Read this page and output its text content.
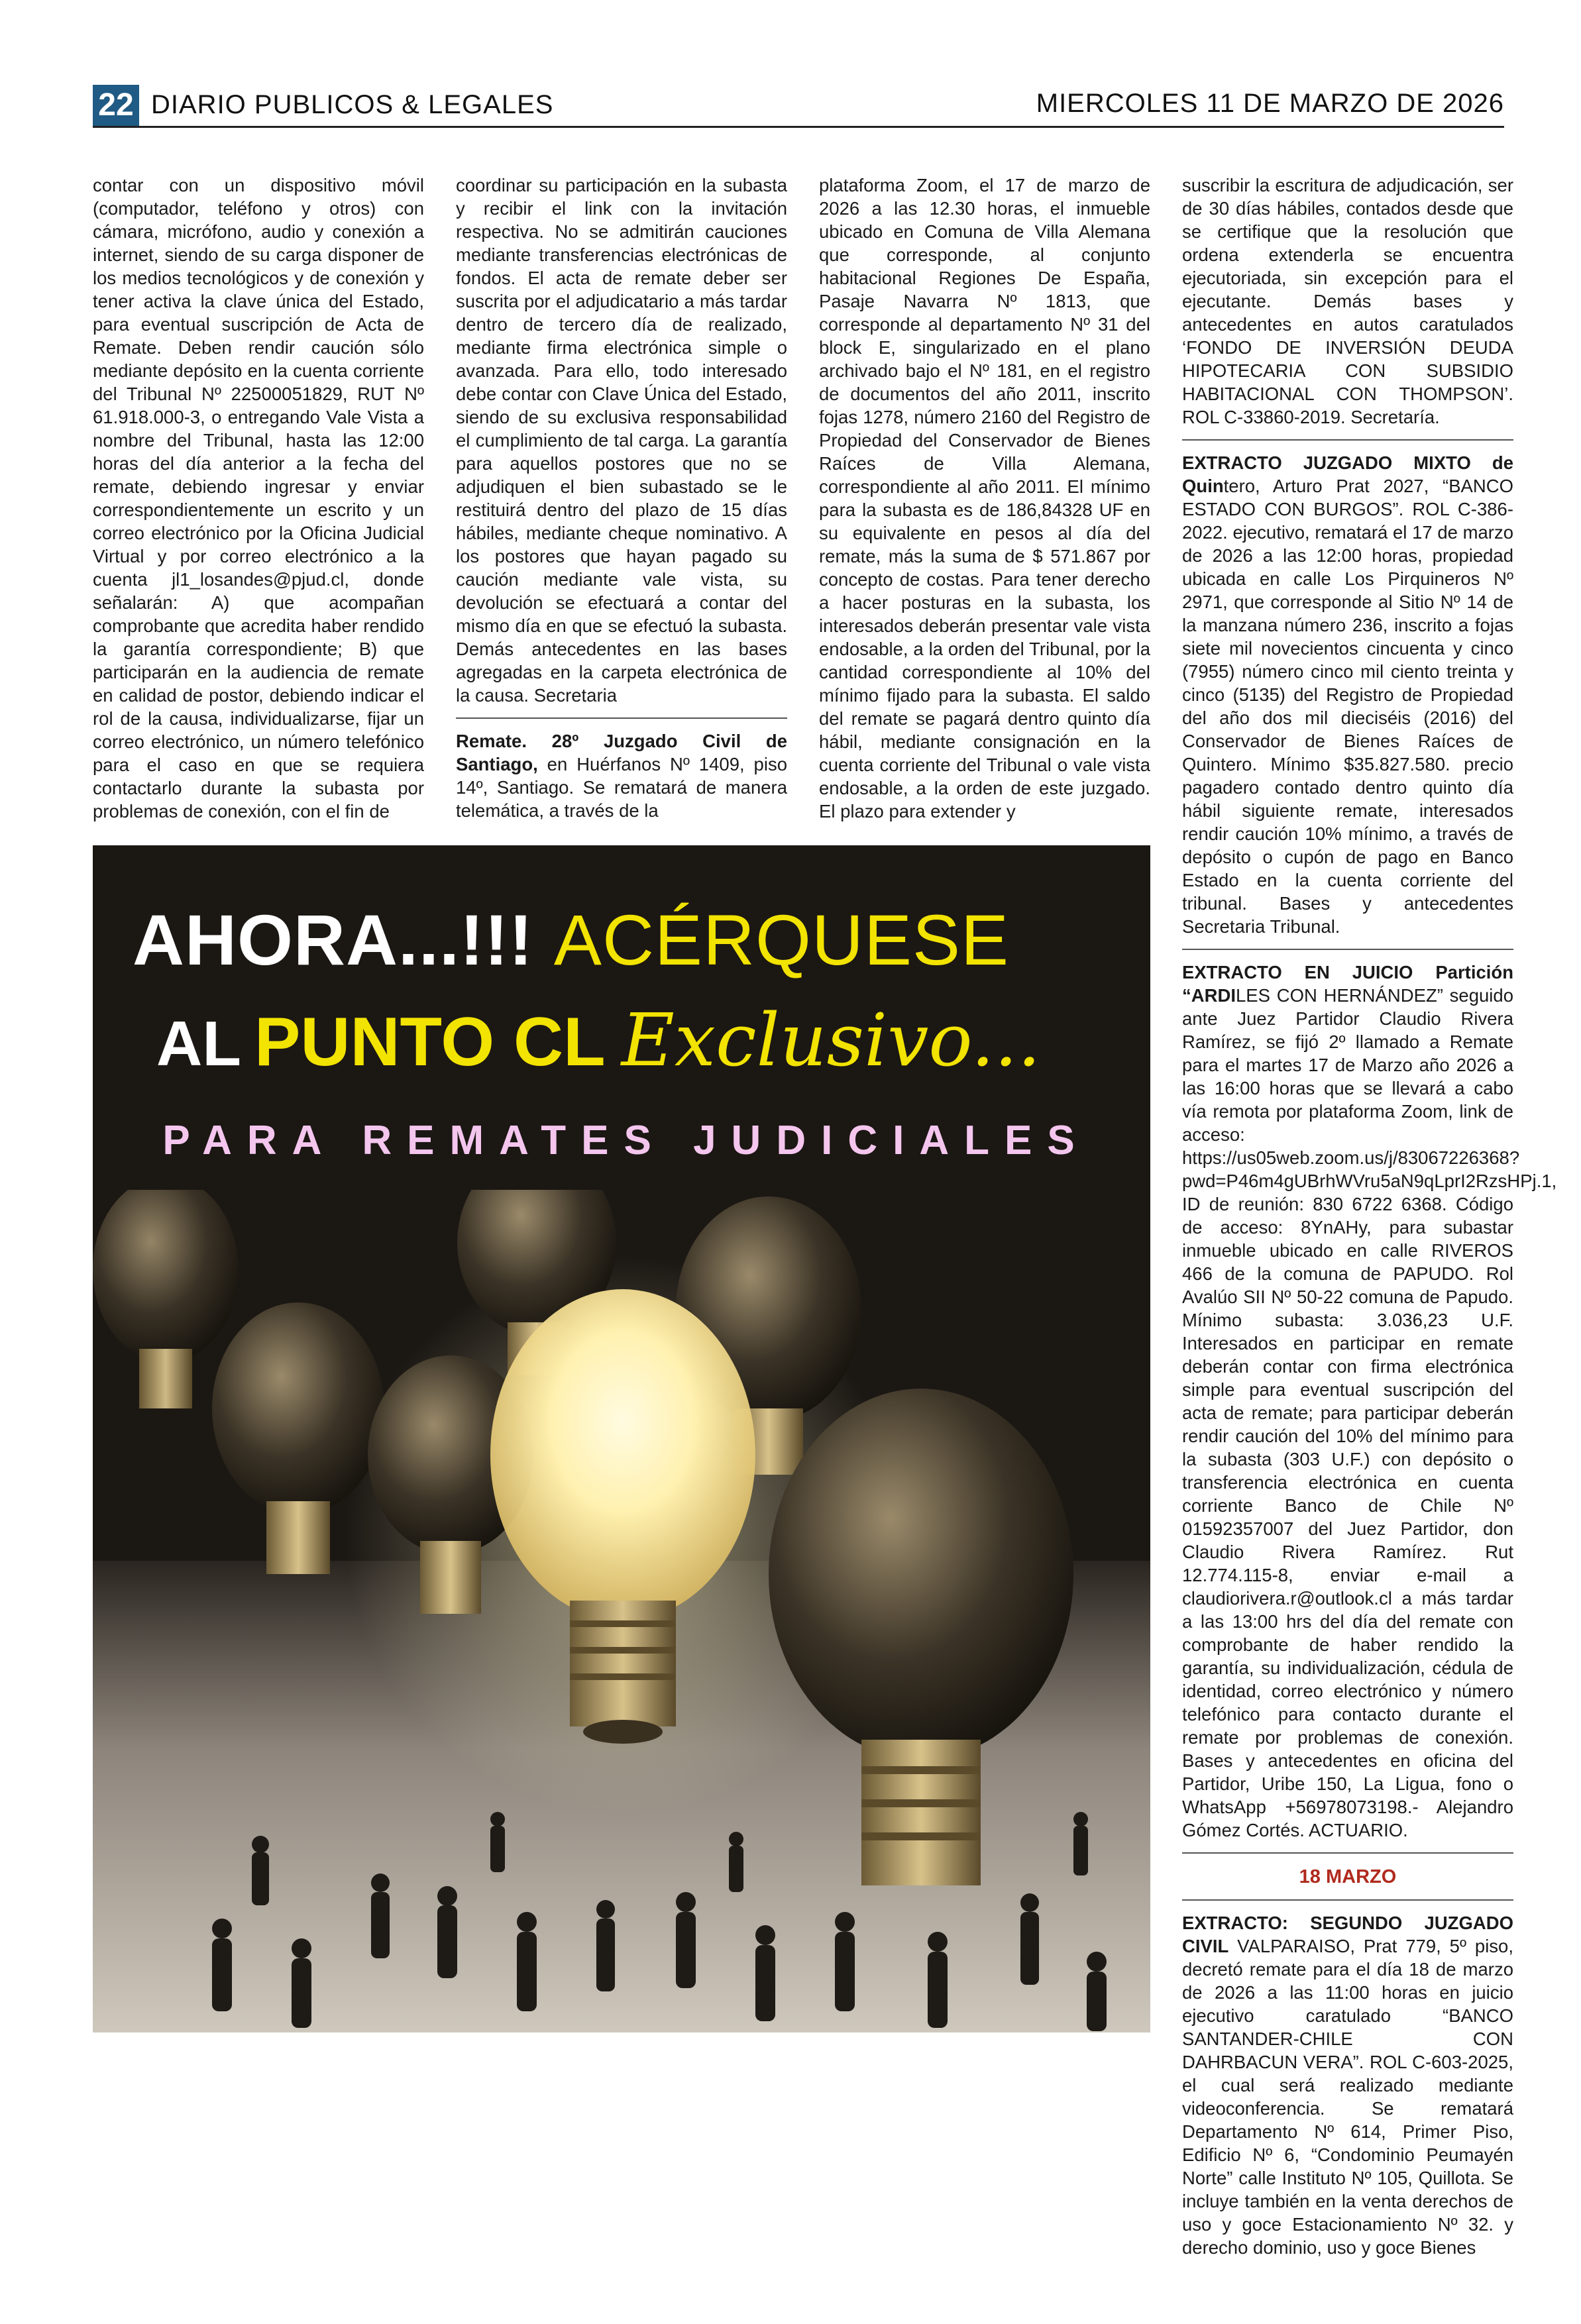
22 DIARIO PUBLICOS & LEGALES	MIERCOLES 11 DE MARZO DE 2026

contar con un dispositivo móvil (computador, teléfono y otros) con cámara, micrófono, audio y conexión a internet, siendo de su carga disponer de los medios tecnológicos y de conexión y tener activa la clave única del Estado, para eventual suscripción de Acta de Remate. Deben rendir caución sólo mediante depósito en la cuenta corriente del Tribunal Nº 22500051829, RUT Nº 61.918.000-3, o entregando Vale Vista a nombre del Tribunal, hasta las 12:00 horas del día anterior a la fecha del remate, debiendo ingresar y enviar correspondientemente un escrito y un correo electrónico por la Oficina Judicial Virtual y por correo electrónico a la cuenta jl1_losandes@pjud.cl, donde señalarán: A) que acompañan comprobante que acredita haber rendido la garantía correspondiente; B) que participarán en la audiencia de remate en calidad de postor, debiendo indicar el rol de la causa, individualizarse, fijar un correo electrónico, un número telefónico para el caso en que se requiera contactarlo durante la subasta por problemas de conexión, con el fin de

coordinar su participación en la subasta y recibir el link con la invitación respectiva. No se admitirán cauciones mediante transferencias electrónicas de fondos. El acta de remate deber ser suscrita por el adjudicatario a más tardar dentro de tercero día de realizado, mediante firma electrónica simple o avanzada. Para ello, todo interesado debe contar con Clave Única del Estado, siendo de su exclusiva responsabilidad el cumplimiento de tal carga. La garantía para aquellos postores que no se adjudiquen el bien subastado se le restituirá dentro del plazo de 15 días hábiles, mediante cheque nominativo. A los postores que hayan pagado su caución mediante vale vista, su devolución se efectuará a contar del mismo día en que se efectuó la subasta. Demás antecedentes en las bases agregadas en la carpeta electrónica de la causa. Secretaria

Remate. 28º Juzgado Civil de Santiago, en Huérfanos Nº 1409, piso 14º, Santiago. Se rematará de manera telemática, a través de la

plataforma Zoom, el 17 de marzo de 2026 a las 12.30 horas, el inmueble ubicado en Comuna de Villa Alemana que corresponde, al conjunto habitacional Regiones De España, Pasaje Navarra Nº 1813, que corresponde al departamento Nº 31 del block E, singularizado en el plano archivado bajo el Nº 181, en el registro de documentos del año 2011, inscrito fojas 1278, número 2160 del Registro de Propiedad del Conservador de Bienes Raíces de Villa Alemana, correspondiente al año 2011. El mínimo para la subasta es de 186,84328 UF en su equivalente en pesos al día del remate, más la suma de $ 571.867 por concepto de costas. Para tener derecho a hacer posturas en la subasta, los interesados deberán presentar vale vista endosable, a la orden del Tribunal, por la cantidad correspondiente al 10% del mínimo fijado para la subasta. El saldo del remate se pagará dentro quinto día hábil, mediante consignación en la cuenta corriente del Tribunal o vale vista endosable, a la orden de este juzgado. El plazo para extender y

suscribir la escritura de adjudicación, ser de 30 días hábiles, contados desde que se certifique que la resolución que ordena extenderla se encuentra ejecutoriada, sin excepción para el ejecutante. Demás bases y antecedentes en autos caratulados ‘FONDO DE INVERSIÓN DEUDA HIPOTECARIA CON SUBSIDIO HABITACIONAL CON THOMPSON’. ROL C-33860-2019. Secretaría.

EXTRACTO JUZGADO MIXTO de Quintero, Arturo Prat 2027, “BANCO ESTADO CON BURGOS”. ROL C-386-2022. ejecutivo, rematará el 17 de marzo de 2026 a las 12:00 horas, propiedad ubicada en calle Los Pirquineros Nº 2971, que corresponde al Sitio Nº 14 de la manzana número 236, inscrito a fojas siete mil novecientos cincuenta y cinco (7955) número cinco mil ciento treinta y cinco (5135) del Registro de Propiedad del año dos mil dieciséis (2016) del Conservador de Bienes Raíces de Quintero. Mínimo $35.827.580. precio pagadero contado dentro quinto día hábil siguiente remate, interesados rendir caución 10% mínimo, a través de depósito o cupón de pago en Banco Estado en la cuenta corriente del tribunal. Bases y antecedentes Secretaria Tribunal.

EXTRACTO EN JUICIO Partición “ARDILES CON HERNÁNDEZ” seguido ante Juez Partidor Claudio Rivera Ramírez, se fijó 2º llamado a Remate para el martes 17 de Marzo año 2026 a las 16:00 horas que se llevará a cabo vía remota por plataforma Zoom, link de acceso: https://us05web.zoom.us/j/83067226368?pwd=P46m4gUBrhWVru5aN9qLprI2RzsHPj.1, ID de reunión: 830 6722 6368. Código de acceso: 8YnAHy, para subastar inmueble ubicado en calle RIVEROS 466 de la comuna de PAPUDO. Rol Avalúo SII Nº 50-22 comuna de Papudo. Mínimo subasta: 3.036,23 U.F. Interesados en participar en remate deberán contar con firma electrónica simple para eventual suscripción del acta de remate; para participar deberán rendir caución del 10% del mínimo para la subasta (303 U.F.) con depósito o transferencia electrónica en cuenta corriente Banco de Chile Nº 01592357007 del Juez Partidor, don Claudio Rivera Ramírez. Rut 12.774.115-8, enviar e-mail a claudiorivera.r@outlook.cl a más tardar a las 13:00 hrs del día del remate con comprobante de haber rendido la garantía, su individualización, cédula de identidad, correo electrónico y número telefónico para contacto durante el remate por problemas de conexión. Bases y antecedentes en oficina del Partidor, Uribe 150, La Ligua, fono o WhatsApp +56978073198.- Alejandro Gómez Cortés. ACTUARIO.

18 MARZO

EXTRACTO: SEGUNDO JUZGADO CIVIL VALPARAISO, Prat 779, 5º piso, decretó remate para el día 18 de marzo de 2026 a las 11:00 horas en juicio ejecutivo caratulado “BANCO SANTANDER-CHILE CON DAHRBACUN VERA”. ROL C-603-2025, el cual será realizado mediante videoconferencia. Se rematará Departamento Nº 614, Primer Piso, Edificio Nº 6, “Condominio Peumayén Norte” calle Instituto Nº 105, Quillota. Se incluye también en la venta derechos de uso y goce Estacionamiento Nº 32. y derecho dominio, uso y goce Bienes

AHORA...!!! ACÉRQUESE
AL PUNTO CL Exclusivo...
PARA REMATES JUDICIALES
